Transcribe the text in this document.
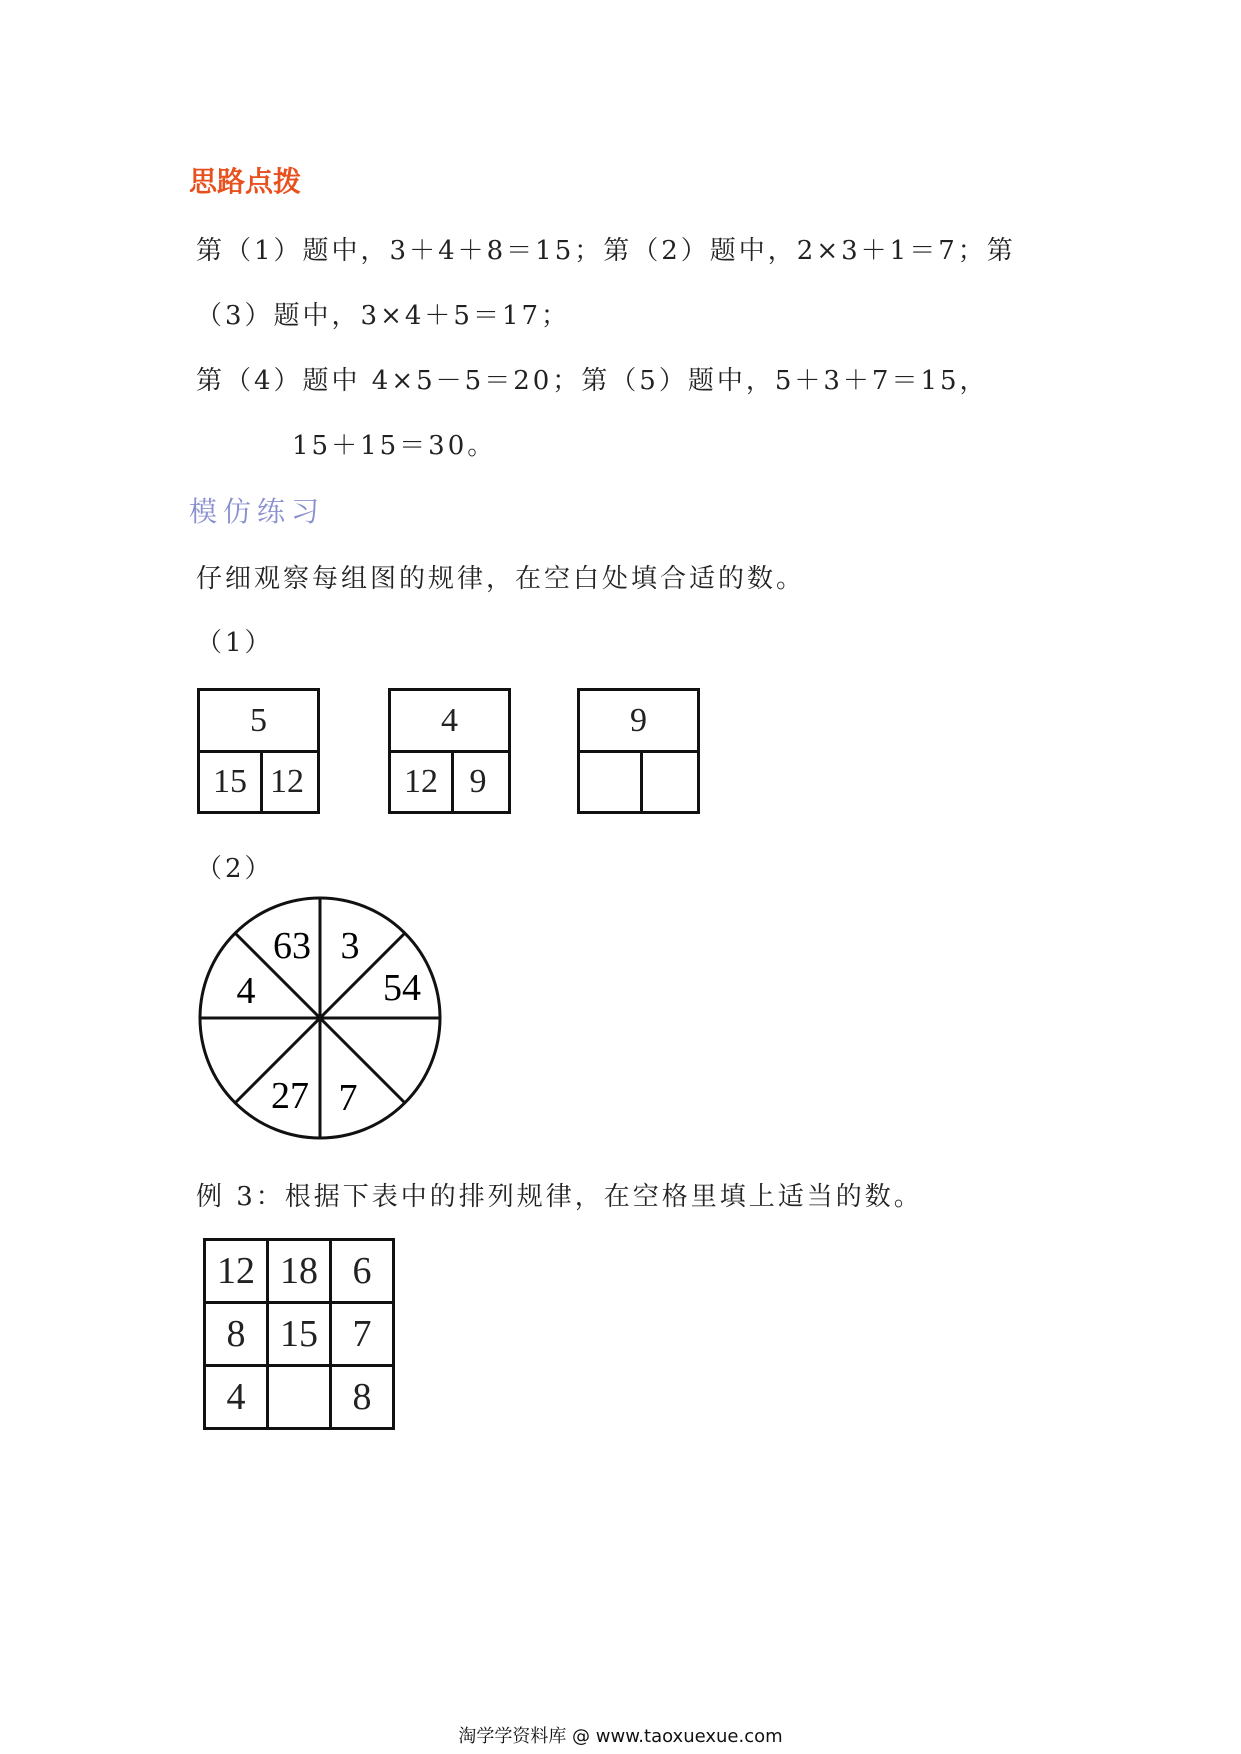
思路点拨
第（1）题中，3＋4＋8＝15；第（2）题中，2×3＋1＝7；第
（3）题中，3×4＋5＝17；
第（4）题中 4×5－5＝20；第（5）题中，5＋3＋7＝15，
15＋15＝30。
模仿练习
仔细观察每组图的规律，在空白处填合适的数。
（1）
5
15 12
4
12 9
9
（2）
63 3
4	54
27 7
例 3：根据下表中的排列规律，在空格里填上适当的数。
12	18	6
8	15	7
4		8
淘学学资料库 @ www.taoxuexue.com
